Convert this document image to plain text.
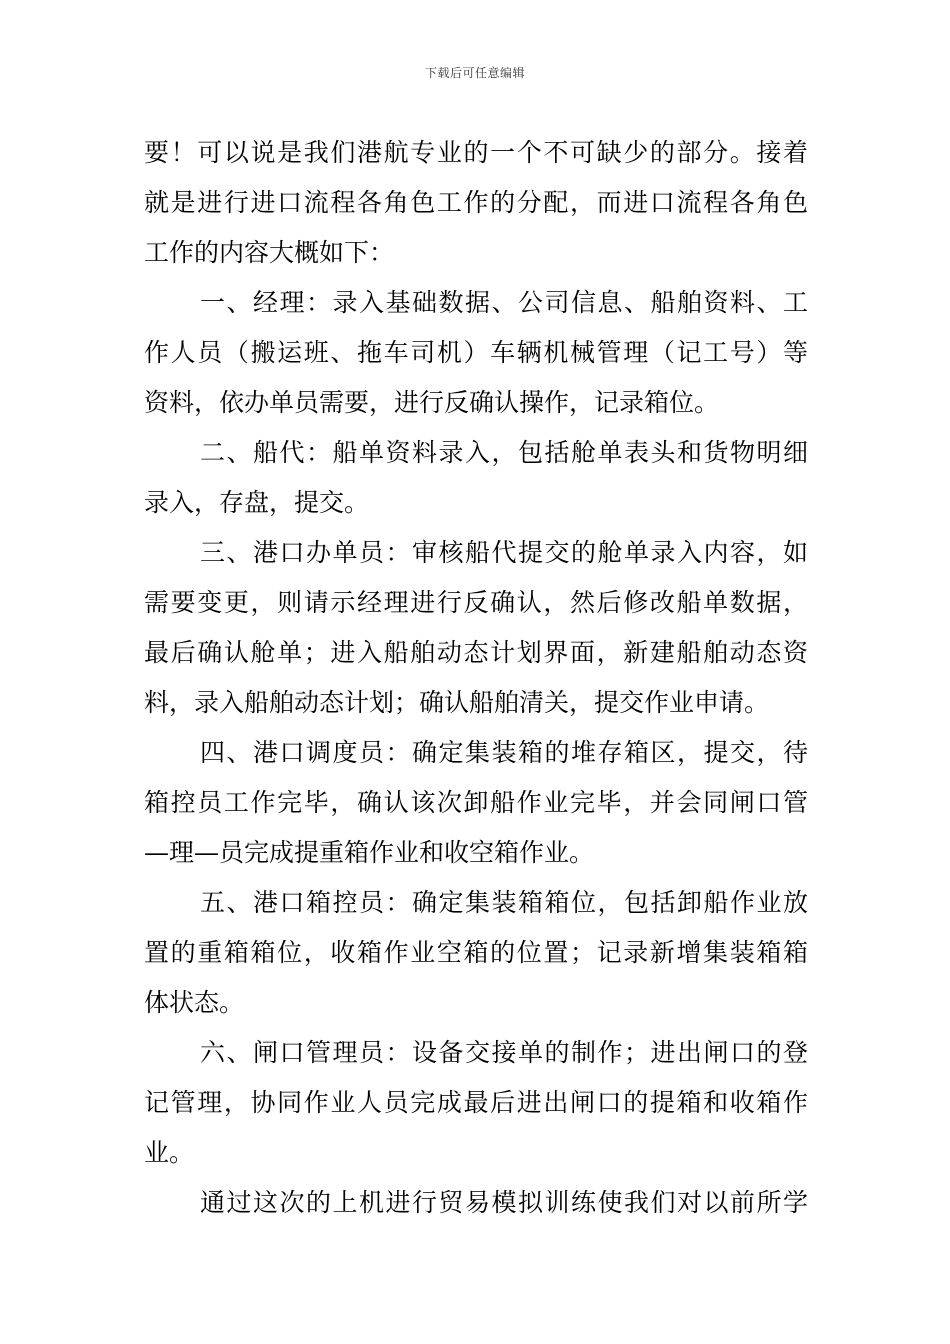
下载后可任意编辑
要！可以说是我们港航专业的一个不可缺少的部分。接着
就是进行进口流程各角色工作的分配，而进口流程各角色
工作的内容大概如下：
一、经理：录入基础数据、公司信息、船舶资料、工
作人员（搬运班、拖车司机）车辆机械管理（记工号）等
资料，依办单员需要，进行反确认操作，记录箱位。
二、船代：船单资料录入，包括舱单表头和货物明细
录入，存盘，提交。
三、港口办单员：审核船代提交的舱单录入内容，如
需要变更，则请示经理进行反确认，然后修改船单数据，
最后确认舱单；进入船舶动态计划界面，新建船舶动态资
料，录入船舶动态计划；确认船舶清关，提交作业申请。
四、港口调度员：确定集装箱的堆存箱区，提交，待
箱控员工作完毕，确认该次卸船作业完毕，并会同闸口管
—理—员完成提重箱作业和收空箱作业。
五、港口箱控员：确定集装箱箱位，包括卸船作业放
置的重箱箱位，收箱作业空箱的位置；记录新增集装箱箱
体状态。
六、闸口管理员：设备交接单的制作；进出闸口的登
记管理，协同作业人员完成最后进出闸口的提箱和收箱作
业。
通过这次的上机进行贸易模拟训练使我们对以前所学
